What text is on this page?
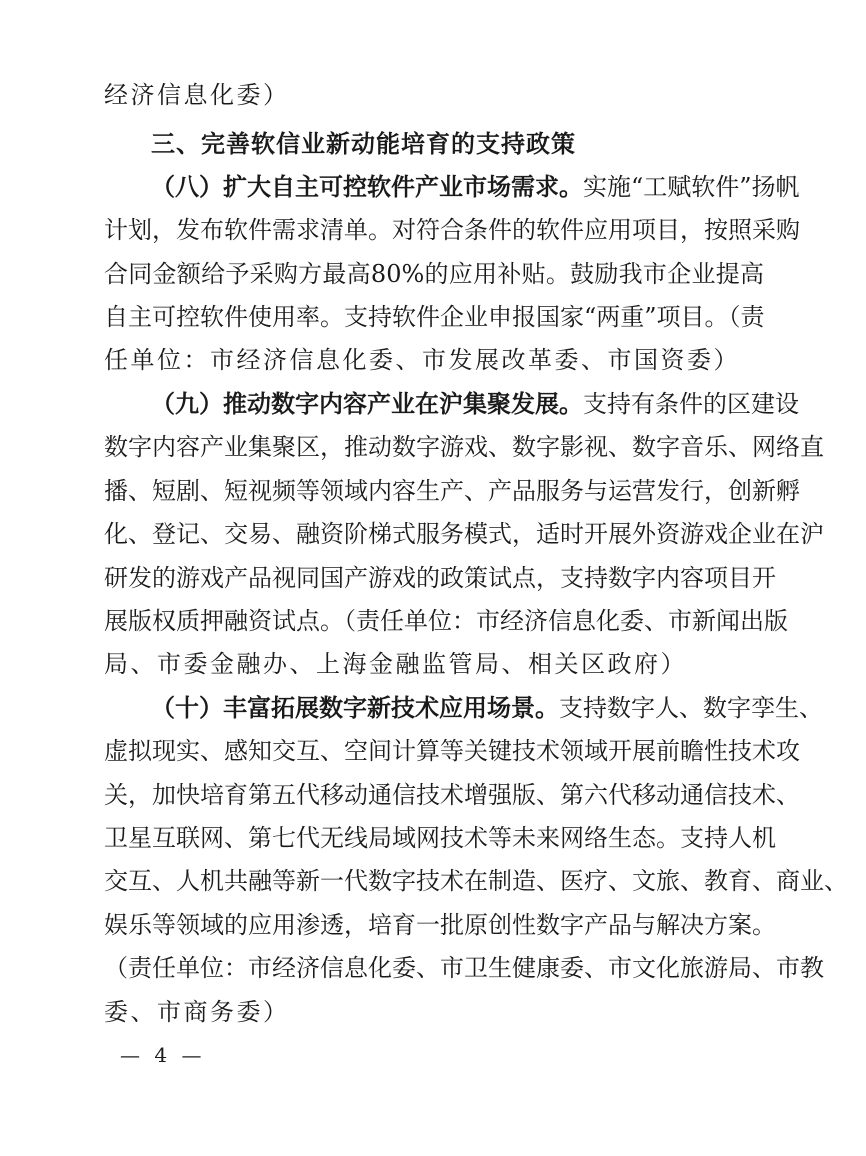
经济信息化委）
三、完善软信业新动能培育的支持政策
（八）扩大自主可控软件产业市场需求。实施“工赋软件”扬帆
计划，发布软件需求清单。对符合条件的软件应用项目，按照采购
合同金额给予采购方最高80%的应用补贴。鼓励我市企业提高
自主可控软件使用率。支持软件企业申报国家“两重”项目。（责
任单位：市经济信息化委、市发展改革委、市国资委）
（九）推动数字内容产业在沪集聚发展。支持有条件的区建设
数字内容产业集聚区，推动数字游戏、数字影视、数字音乐、网络直
播、短剧、短视频等领域内容生产、产品服务与运营发行，创新孵
化、登记、交易、融资阶梯式服务模式，适时开展外资游戏企业在沪
研发的游戏产品视同国产游戏的政策试点，支持数字内容项目开
展版权质押融资试点。（责任单位：市经济信息化委、市新闻出版
局、市委金融办、上海金融监管局、相关区政府）
（十）丰富拓展数字新技术应用场景。支持数字人、数字孪生、
虚拟现实、感知交互、空间计算等关键技术领域开展前瞻性技术攻
关，加快培育第五代移动通信技术增强版、第六代移动通信技术、
卫星互联网、第七代无线局域网技术等未来网络生态。支持人机
交互、人机共融等新一代数字技术在制造、医疗、文旅、教育、商业、
娱乐等领域的应用渗透，培育一批原创性数字产品与解决方案。
（责任单位：市经济信息化委、市卫生健康委、市文化旅游局、市教
委、市商务委）
— 4 —
